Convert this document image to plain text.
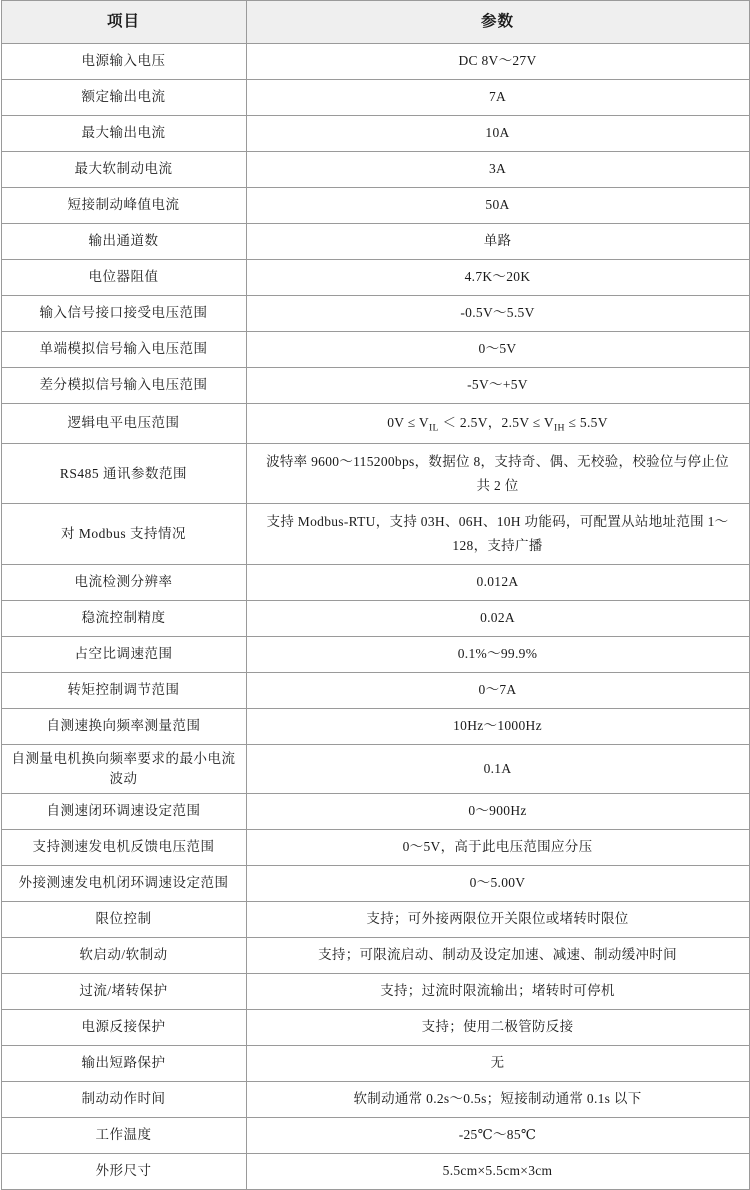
项目	参数
电源输入电压	DC 8V～27V
额定输出电流	7A
最大输出电流	10A
最大软制动电流	3A
短接制动峰值电流	50A
输出通道数	单路
电位器阻值	4.7K～20K
输入信号接口接受电压范围	-0.5V～5.5V
单端模拟信号输入电压范围	0～5V
差分模拟信号输入电压范围	-5V～+5V
逻辑电平电压范围	$0V \le V_{IL} < 2.5V$，$2.5V \le V_{IH} \le 5.5V$
RS485 通讯参数范围	波特率 9600～115200bps，数据位 8，支持奇、偶、无校验，校验位与停止位共 2 位
对 Modbus 支持情况	支持 Modbus-RTU，支持 03H、06H、10H 功能码，可配置从站地址范围 1～128，支持广播
电流检测分辨率	0.012A
稳流控制精度	0.02A
占空比调速范围	0.1%～99.9%
转矩控制调节范围	0～7A
自测速换向频率测量范围	10Hz～1000Hz
自测量电机换向频率要求的最小电流波动	0.1A
自测速闭环调速设定范围	0～900Hz
支持测速发电机反馈电压范围	0～5V，高于此电压范围应分压
外接测速发电机闭环调速设定范围	0～5.00V
限位控制	支持；可外接两限位开关限位或堵转时限位
软启动/软制动	支持；可限流启动、制动及设定加速、减速、制动缓冲时间
过流/堵转保护	支持；过流时限流输出；堵转时可停机
电源反接保护	支持；使用二极管防反接
输出短路保护	无
制动动作时间	软制动通常 0.2s～0.5s；短接制动通常 0.1s 以下
工作温度	-25℃～85℃
外形尺寸	5.5cm×5.5cm×3cm
